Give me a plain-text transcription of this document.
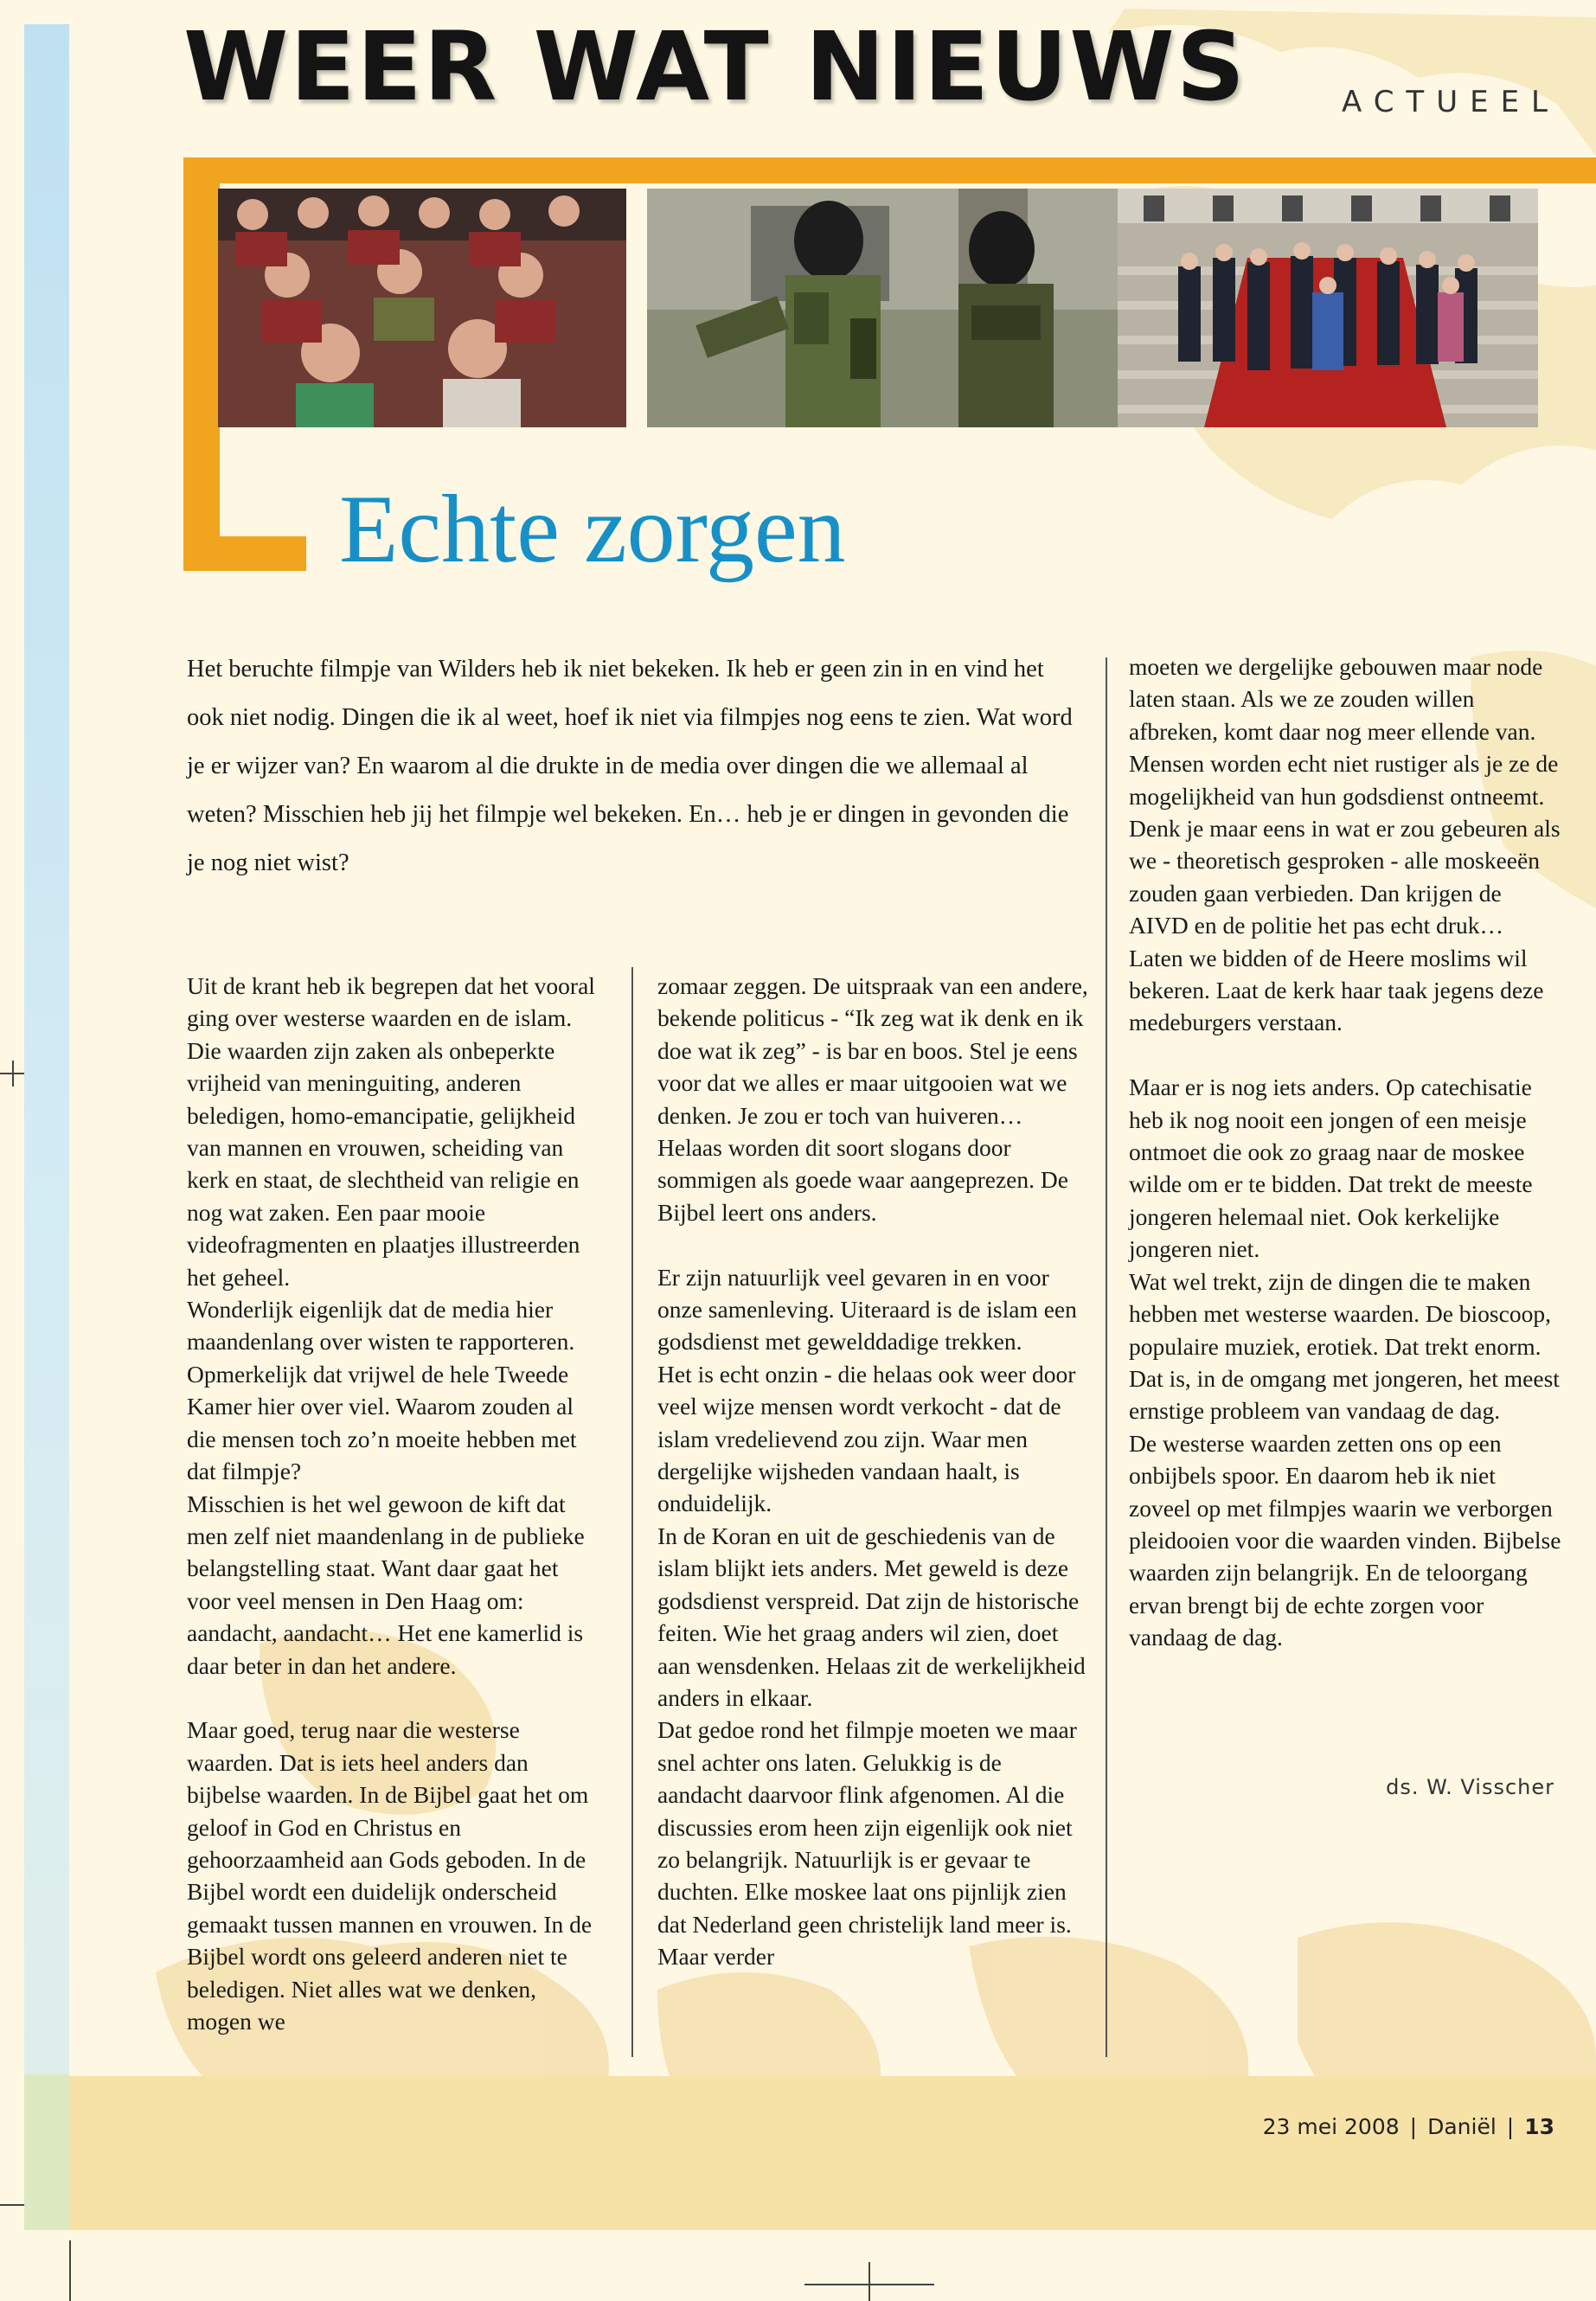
WEER WAT NIEUWS	ACTUEEL
Echte zorgen

Het beruchte filmpje van Wilders heb ik niet bekeken. Ik heb er geen zin in en vind het ook niet nodig. Dingen die ik al weet, hoef ik niet via filmpjes nog eens te zien. Wat word je er wijzer van? En waarom al die drukte in de media over dingen die we allemaal al weten? Misschien heb jij het filmpje wel bekeken. En… heb je er dingen in gevonden die je nog niet wist?

Uit de krant heb ik begrepen dat het vooral ging over westerse waarden en de islam. Die waarden zijn zaken als onbeperkte vrijheid van meninguiting, anderen beledigen, homo-emancipatie, gelijkheid van mannen en vrouwen, scheiding van kerk en staat, de slechtheid van religie en nog wat zaken. Een paar mooie videofragmenten en plaatjes illustreerden het geheel.

Wonderlijk eigenlijk dat de media hier maandenlang over wisten te rapporteren. Opmerkelijk dat vrijwel de hele Tweede Kamer hier over viel. Waarom zouden al die mensen toch zo’n moeite hebben met dat filmpje?

Misschien is het wel gewoon de kift dat men zelf niet maandenlang in de publieke belangstelling staat. Want daar gaat het voor veel mensen in Den Haag om: aandacht, aandacht… Het ene kamerlid is daar beter in dan het andere.

Maar goed, terug naar die westerse waarden. Dat is iets heel anders dan bijbelse waarden. In de Bijbel gaat het om geloof in God en Christus en gehoorzaamheid aan Gods geboden. In de Bijbel wordt een duidelijk onderscheid gemaakt tussen mannen en vrouwen. In de Bijbel wordt ons geleerd anderen niet te beledigen. Niet alles wat we denken, mogen we

zomaar zeggen. De uitspraak van een andere, bekende politicus - “Ik zeg wat ik denk en ik doe wat ik zeg” - is bar en boos. Stel je eens voor dat we alles er maar uitgooien wat we denken. Je zou er toch van huiveren… Helaas worden dit soort slogans door sommigen als goede waar aangeprezen. De Bijbel leert ons anders.

Er zijn natuurlijk veel gevaren in en voor onze samenleving. Uiteraard is de islam een godsdienst met gewelddadige trekken.

Het is echt onzin - die helaas ook weer door veel wijze mensen wordt verkocht - dat de islam vredelievend zou zijn. Waar men dergelijke wijsheden vandaan haalt, is onduidelijk.

In de Koran en uit de geschiedenis van de islam blijkt iets anders. Met geweld is deze godsdienst verspreid. Dat zijn de historische feiten. Wie het graag anders wil zien, doet aan wensdenken. Helaas zit de werkelijkheid anders in elkaar.

Dat gedoe rond het filmpje moeten we maar snel achter ons laten. Gelukkig is de aandacht daarvoor flink afgenomen. Al die discussies erom heen zijn eigenlijk ook niet zo belangrijk. Natuurlijk is er gevaar te duchten. Elke moskee laat ons pijnlijk zien dat Nederland geen christelijk land meer is. Maar verder

moeten we dergelijke gebouwen maar node laten staan. Als we ze zouden willen afbreken, komt daar nog meer ellende van. Mensen worden echt niet rustiger als je ze de mogelijkheid van hun godsdienst ontneemt. Denk je maar eens in wat er zou gebeuren als we - theoretisch gesproken - alle moskeeën zouden gaan verbieden. Dan krijgen de AIVD en de politie het pas echt druk… Laten we bidden of de Heere moslims wil bekeren. Laat de kerk haar taak jegens deze medeburgers verstaan.

Maar er is nog iets anders. Op catechisatie heb ik nog nooit een jongen of een meisje ontmoet die ook zo graag naar de moskee wilde om er te bidden. Dat trekt de meeste jongeren helemaal niet. Ook kerkelijke jongeren niet.

Wat wel trekt, zijn de dingen die te maken hebben met westerse waarden. De bioscoop, populaire muziek, erotiek. Dat trekt enorm. Dat is, in de omgang met jongeren, het meest ernstige probleem van vandaag de dag.

De westerse waarden zetten ons op een onbijbels spoor. En daarom heb ik niet zoveel op met filmpjes waarin we verborgen pleidooien voor die waarden vinden. Bijbelse waarden zijn belangrijk. En de teloorgang ervan brengt bij de echte zorgen voor vandaag de dag.

ds. W. Visscher
23 mei 2008 | Daniël | 13
